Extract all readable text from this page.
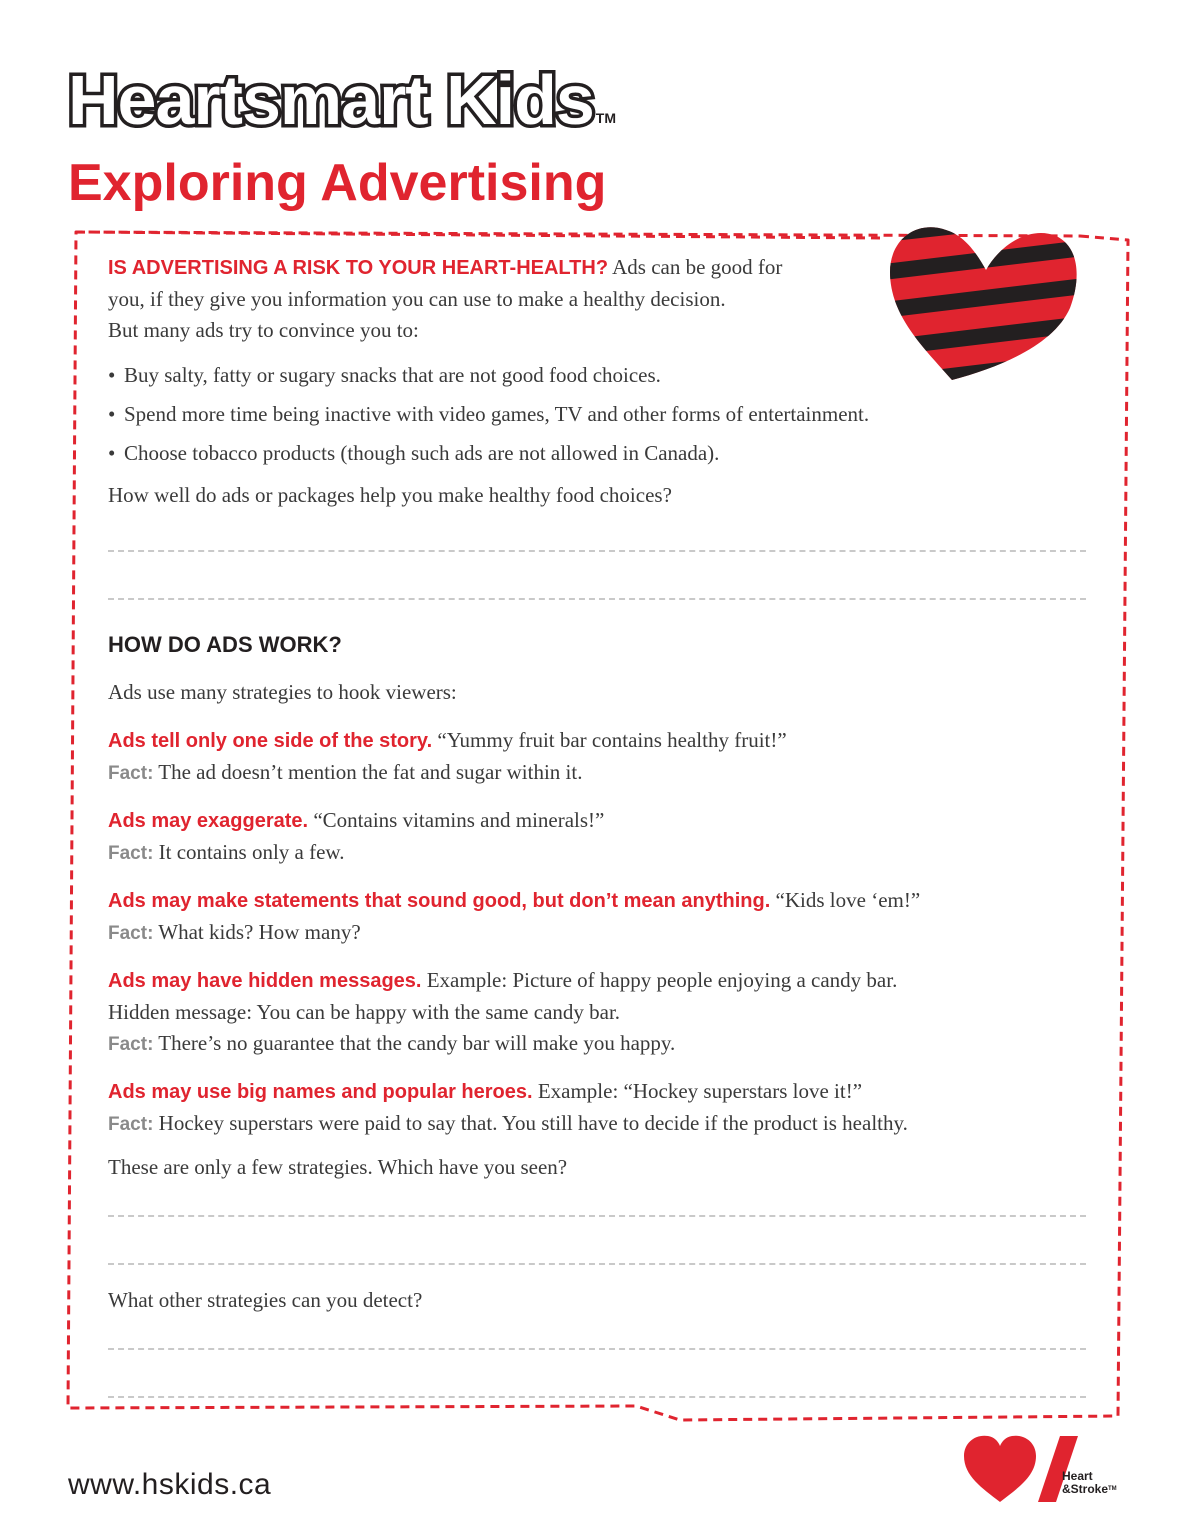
Heartsmart Kids ™
Exploring Advertising

IS ADVERTISING A RISK TO YOUR HEART-HEALTH? Ads can be good for
you, if they give you information you can use to make a healthy decision.
But many ads try to convince you to:

• Buy salty, fatty or sugary snacks that are not good food choices.
• Spend more time being inactive with video games, TV and other forms of entertainment.
• Choose tobacco products (though such ads are not allowed in Canada).

How well do ads or packages help you make healthy food choices?

HOW DO ADS WORK?

Ads use many strategies to hook viewers:

Ads tell only one side of the story. “Yummy fruit bar contains healthy fruit!”
Fact: The ad doesn’t mention the fat and sugar within it.

Ads may exaggerate. “Contains vitamins and minerals!”
Fact: It contains only a few.

Ads may make statements that sound good, but don’t mean anything. “Kids love ‘em!”
Fact: What kids? How many?

Ads may have hidden messages. Example: Picture of happy people enjoying a candy bar.
Hidden message: You can be happy with the same candy bar.
Fact: There’s no guarantee that the candy bar will make you happy.

Ads may use big names and popular heroes. Example: “Hockey superstars love it!”
Fact: Hockey superstars were paid to say that. You still have to decide if the product is healthy.

These are only a few strategies. Which have you seen?

What other strategies can you detect?

www.hskids.ca	Heart
&Stroke™
